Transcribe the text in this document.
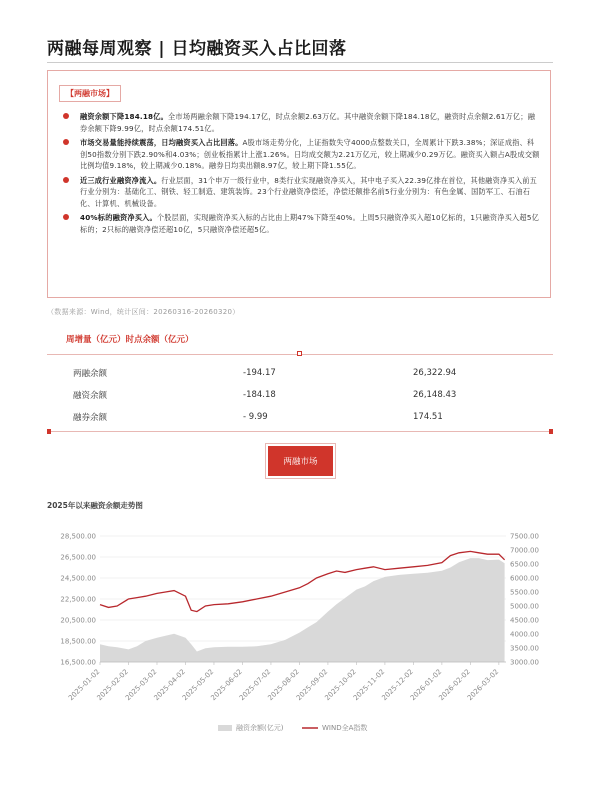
两融每周观察 | 日均融资买入占比回落
【两融市场】
融资余额下降184.18亿。全市场两融余额下降194.17亿，时点余额2.63万亿。其中融资余额下降184.18亿，融资时点余额2.61万亿；融券余额下降9.99亿，时点余额174.51亿。
市场交易量能持续震荡，日均融资买入占比回落。A股市场走势分化，上证指数失守4000点整数关口，全周累计下跌3.38%；深证成指、科创50指数分别下跌2.90%和4.03%；创业板指累计上涨1.26%。日均成交额为2.21万亿元，较上期减少0.29万亿。融资买入额占A股成交额比例均值9.18%，较上期减少0.18%。融券日均卖出额8.97亿，较上期下降1.55亿。
近三成行业融资净流入。行业层面，31个申万一级行业中，8类行业实现融资净买入，其中电子买入22.39亿排在首位，其他融资净买入前五行业分别为：基础化工、钢铁、轻工制造、建筑装饰。23个行业融资净偿还，净偿还额排名前5行业分别为：有色金属、国防军工、石油石化、计算机、机械设备。
40%标的融资净买入。个股层面，实现融资净买入标的占比由上期47%下降至40%。上周5只融资净买入超10亿标的，1只融资净买入超5亿标的；2只标的融资净偿还超10亿，5只融资净偿还超5亿。
（数据来源：Wind，统计区间：20260316-20260320）
周增量（亿元）时点余额（亿元）
两融余额	-194.17	26,322.94
融资余额	-184.18	26,148.43
融券余额	- 9.99	174.51
两融市场
2025年以来融资余额走势图
16,500.00
18,500.00
20,500.00
22,500.00
24,500.00
26,500.00
28,500.00
3000.00
3500.00
4000.00
4500.00
5000.00
5500.00
6000.00
6500.00
7000.00
7500.00
2025-01-02
2025-02-02
2025-03-02
2025-04-02
2025-05-02
2025-06-02
2025-07-02
2025-08-02
2025-09-02
2025-10-02
2025-11-02
2025-12-02
2026-01-02
2026-02-02
2026-03-02
融资余额(亿元)	WIND全A指数
